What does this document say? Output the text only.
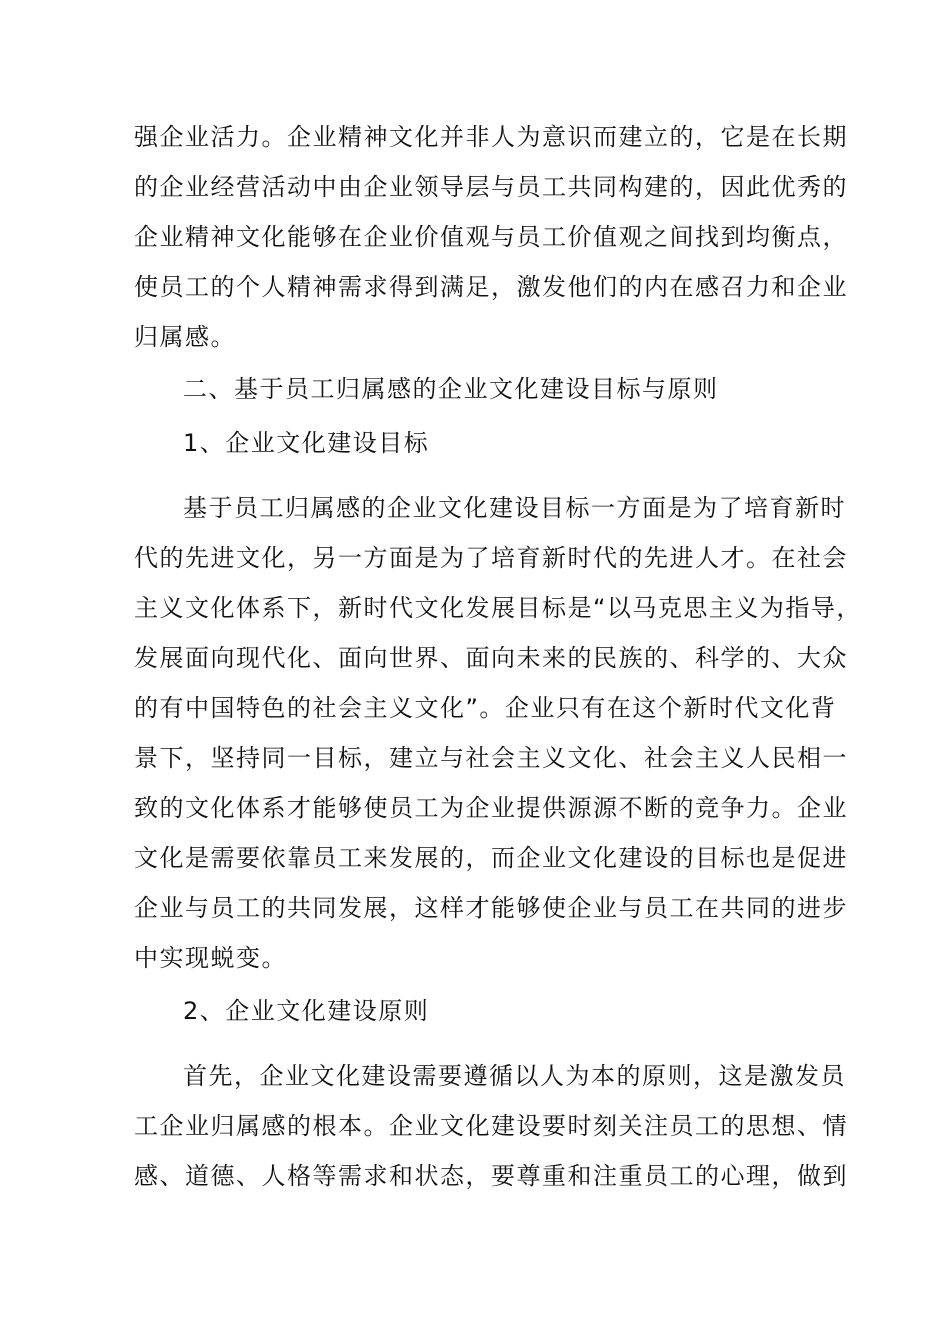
强企业活力。企业精神文化并非人为意识而建立的，它是在长期
的企业经营活动中由企业领导层与员工共同构建的，因此优秀的
企业精神文化能够在企业价值观与员工价值观之间找到均衡点，
使员工的个人精神需求得到满足，激发他们的内在感召力和企业
归属感。
二、基于员工归属感的企业文化建设目标与原则
1、企业文化建设目标
基于员工归属感的企业文化建设目标一方面是为了培育新时
代的先进文化，另一方面是为了培育新时代的先进人才。在社会
主义文化体系下，新时代文化发展目标是“以马克思主义为指导，
发展面向现代化、面向世界、面向未来的民族的、科学的、大众
的有中国特色的社会主义文化”。企业只有在这个新时代文化背
景下，坚持同一目标，建立与社会主义文化、社会主义人民相一
致的文化体系才能够使员工为企业提供源源不断的竞争力。企业
文化是需要依靠员工来发展的，而企业文化建设的目标也是促进
企业与员工的共同发展，这样才能够使企业与员工在共同的进步
中实现蜕变。
2、企业文化建设原则
首先，企业文化建设需要遵循以人为本的原则，这是激发员
工企业归属感的根本。企业文化建设要时刻关注员工的思想、情
感、道德、人格等需求和状态，要尊重和注重员工的心理，做到
